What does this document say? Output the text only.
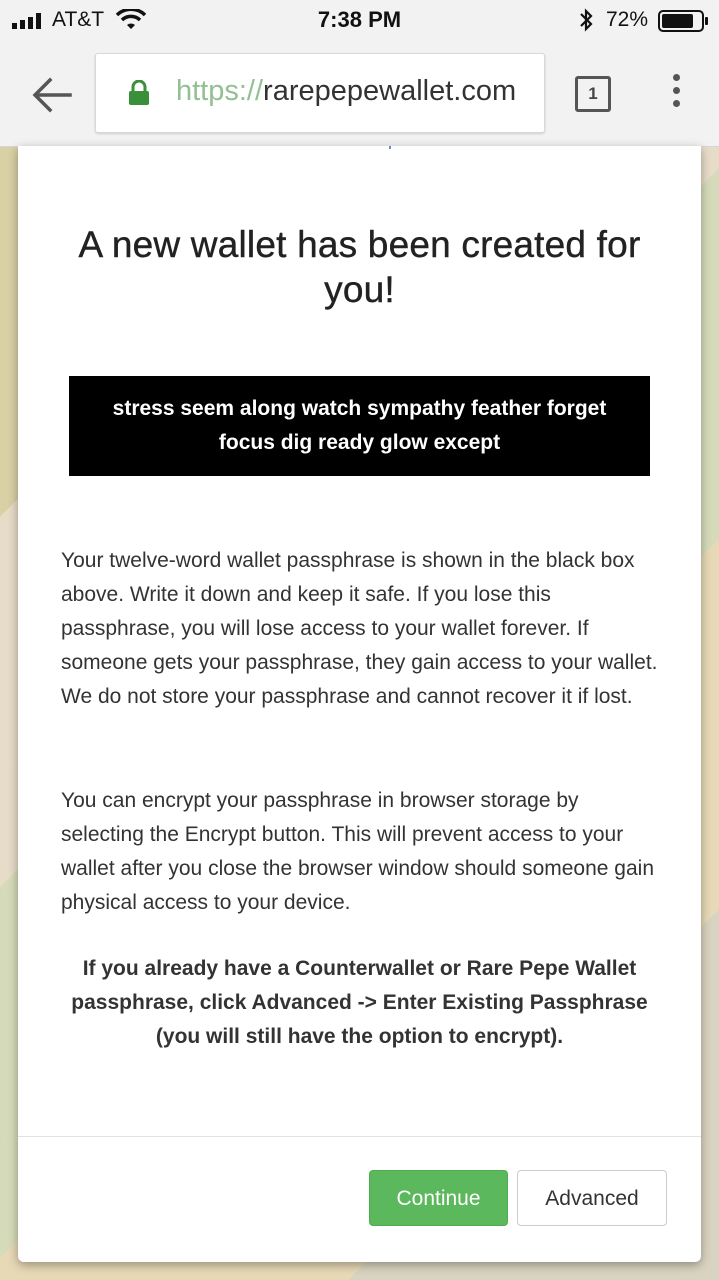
AT&T	7:38 PM	72%
https://rarepepewallet.com	1
A new wallet has been created for you!
stress seem along watch sympathy feather forget focus dig ready glow except

Your twelve-word wallet passphrase is shown in the black box above. Write it down and keep it safe. If you lose this passphrase, you will lose access to your wallet forever. If someone gets your passphrase, they gain access to your wallet. We do not store your passphrase and cannot recover it if lost.

You can encrypt your passphrase in browser storage by selecting the Encrypt button. This will prevent access to your wallet after you close the browser window should someone gain physical access to your device.

If you already have a Counterwallet or Rare Pepe Wallet passphrase, click Advanced -> Enter Existing Passphrase (you will still have the option to encrypt).

Continue	Advanced
